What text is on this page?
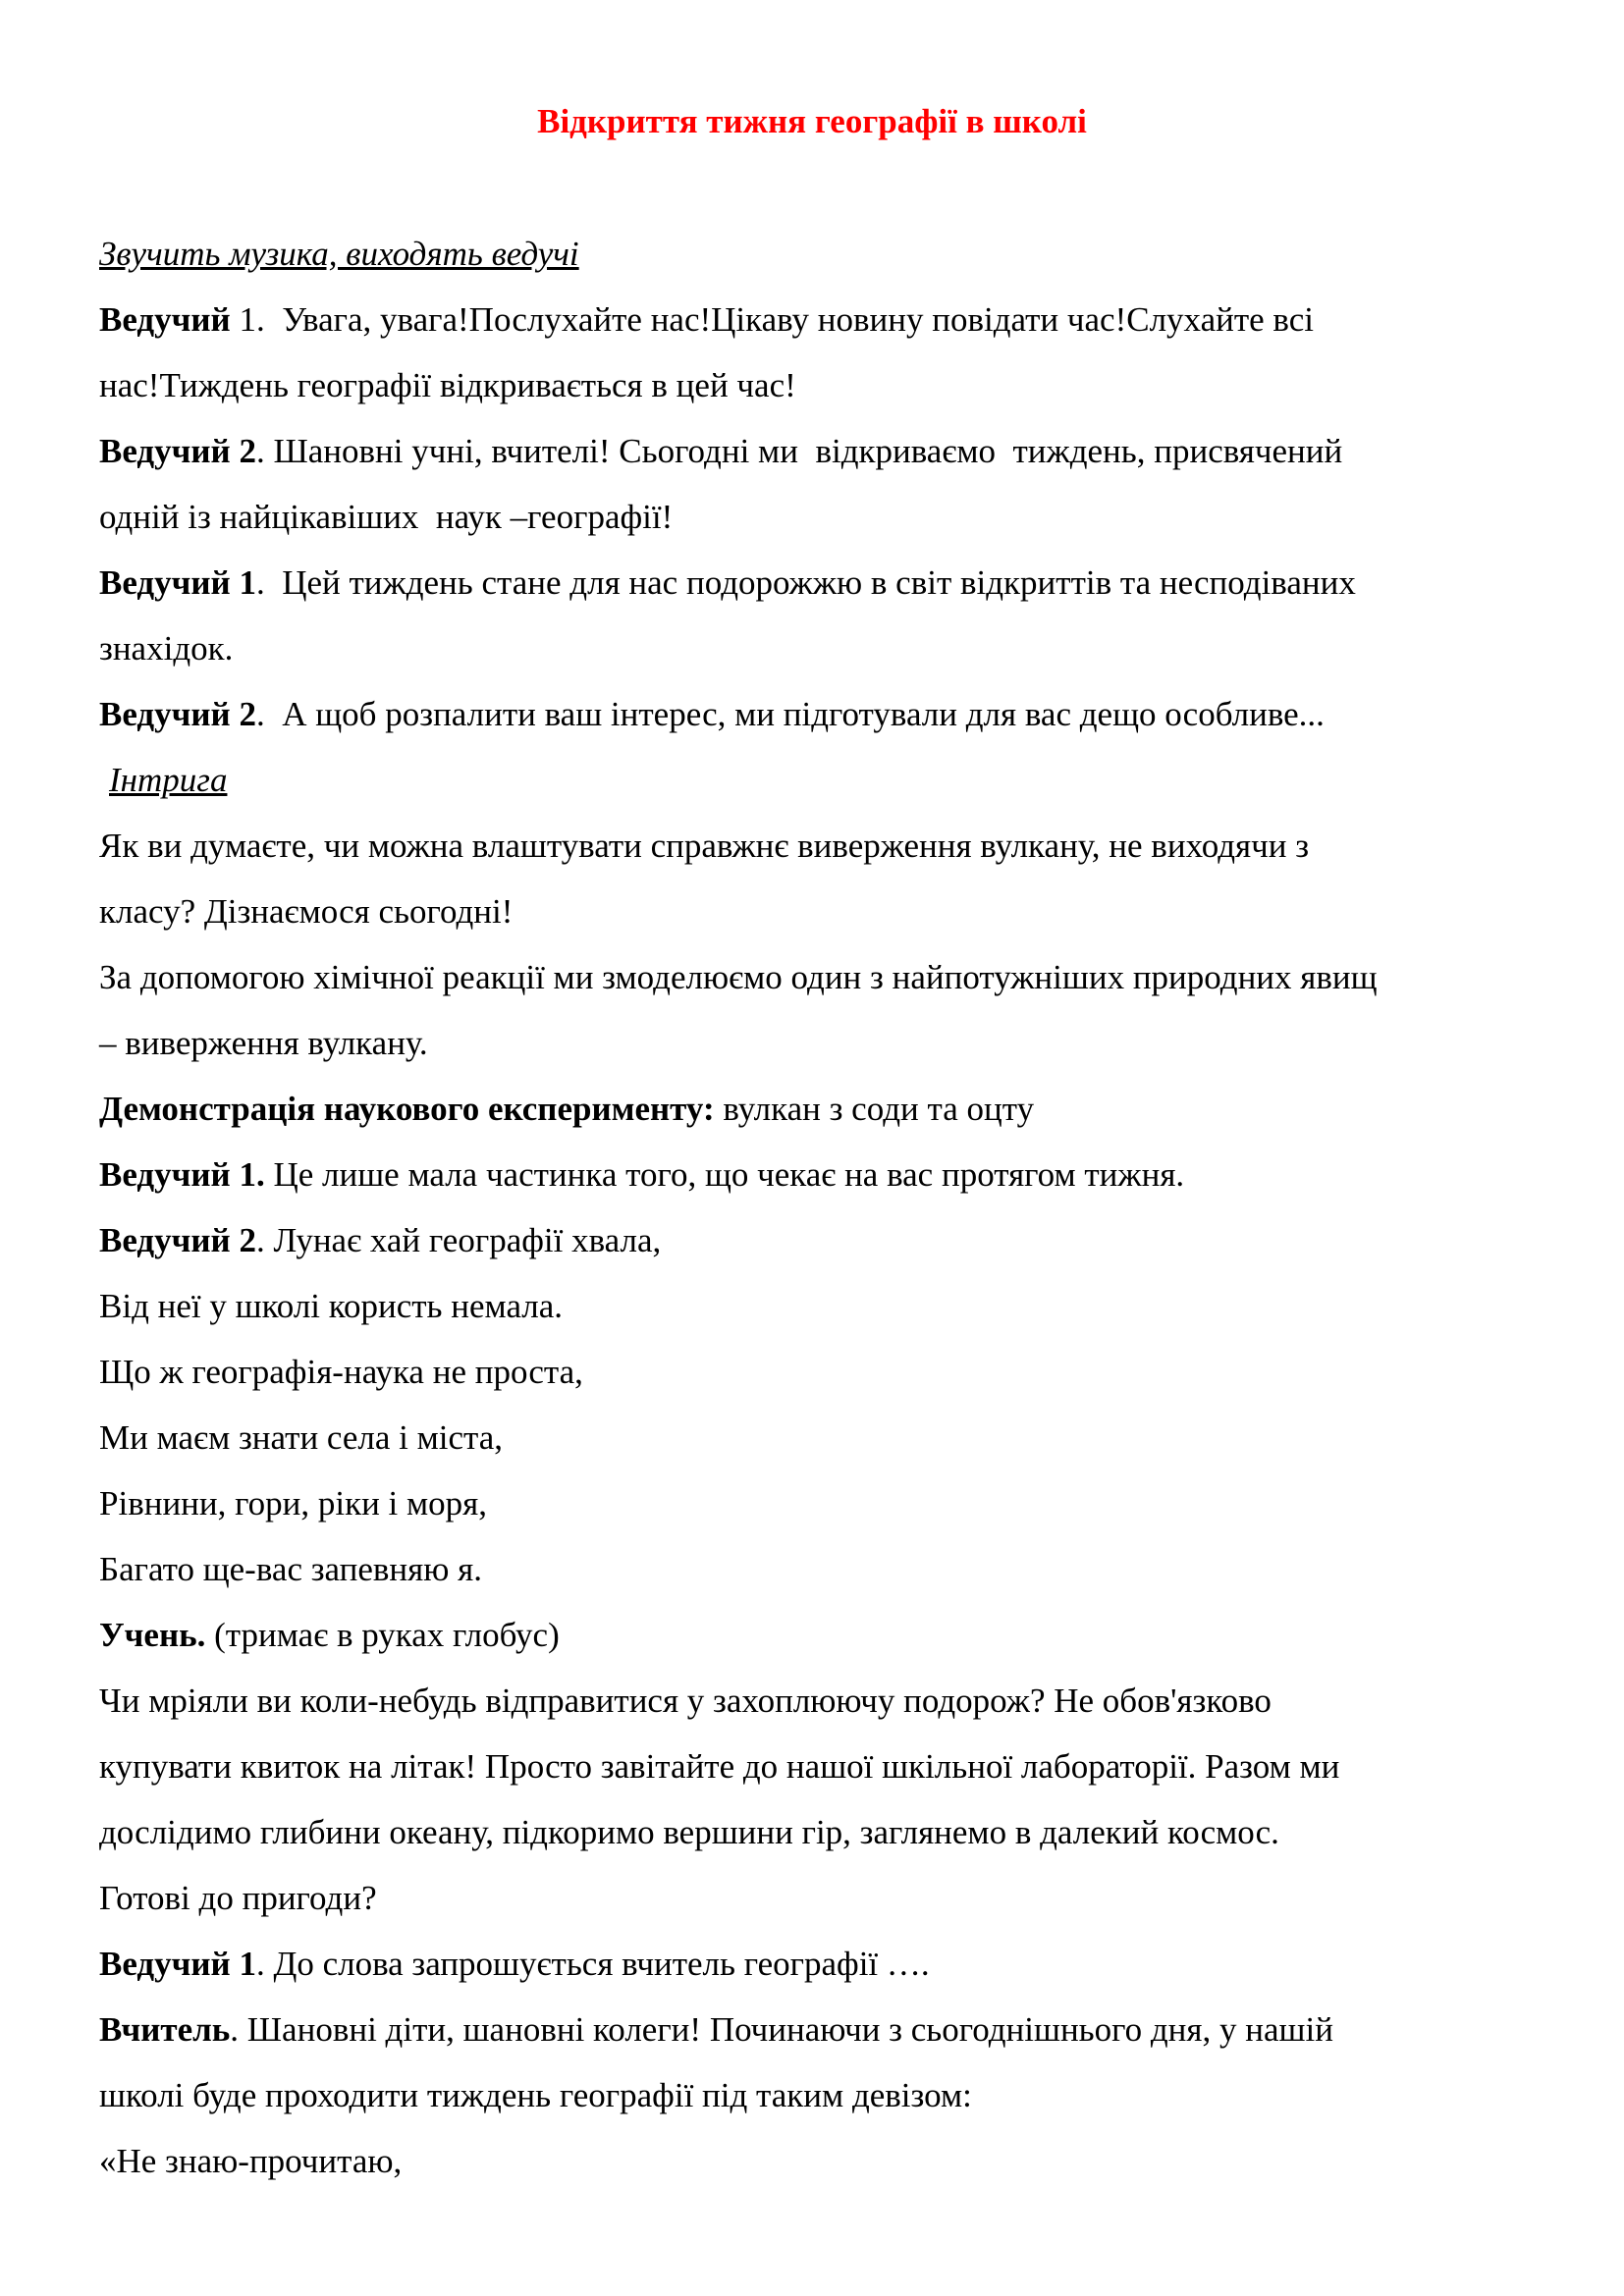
Відкриття тижня географії в школі
Звучить музика, виходять ведучі
Ведучий 1.  Увага, увага!Послухайте нас!Цікаву новину повідати час!Слухайте всі
нас!Тиждень географії відкривається в цей час!
Ведучий 2. Шановні учні, вчителі! Сьогодні ми  відкриваємо  тиждень, присвячений
одній із найцікавіших  наук –географії!
Ведучий 1.  Цей тиждень стане для нас подорожжю в світ відкриттів та несподіваних
знахідок.
Ведучий 2.  А щоб розпалити ваш інтерес, ми підготували для вас дещо особливе...
Інтрига
Як ви думаєте, чи можна влаштувати справжнє виверження вулкану, не виходячи з
класу? Дізнаємося сьогодні!
За допомогою хімічної реакції ми змоделюємо один з найпотужніших природних явищ
– виверження вулкану.
Демонстрація наукового експерименту: вулкан з соди та оцту
Ведучий 1. Це лише мала частинка того, що чекає на вас протягом тижня.
Ведучий 2. Лунає хай географії хвала,
Від неї у школі користь немала.
Що ж географія-наука не проста,
Ми маєм знати села і міста,
Рівнини, гори, ріки і моря,
Багато ще-вас запевняю я.
Учень. (тримає в руках глобус)
Чи мріяли ви коли-небудь відправитися у захоплюючу подорож? Не обов'язково
купувати квиток на літак! Просто завітайте до нашої шкільної лабораторії. Разом ми
дослідимо глибини океану, підкоримо вершини гір, заглянемо в далекий космос.
Готові до пригоди?
Ведучий 1. До слова запрошується вчитель географії ….
Вчитель. Шановні діти, шановні колеги! Починаючи з сьогоднішнього дня, у нашій
школі буде проходити тиждень географії під таким девізом:
«Не знаю-прочитаю,
